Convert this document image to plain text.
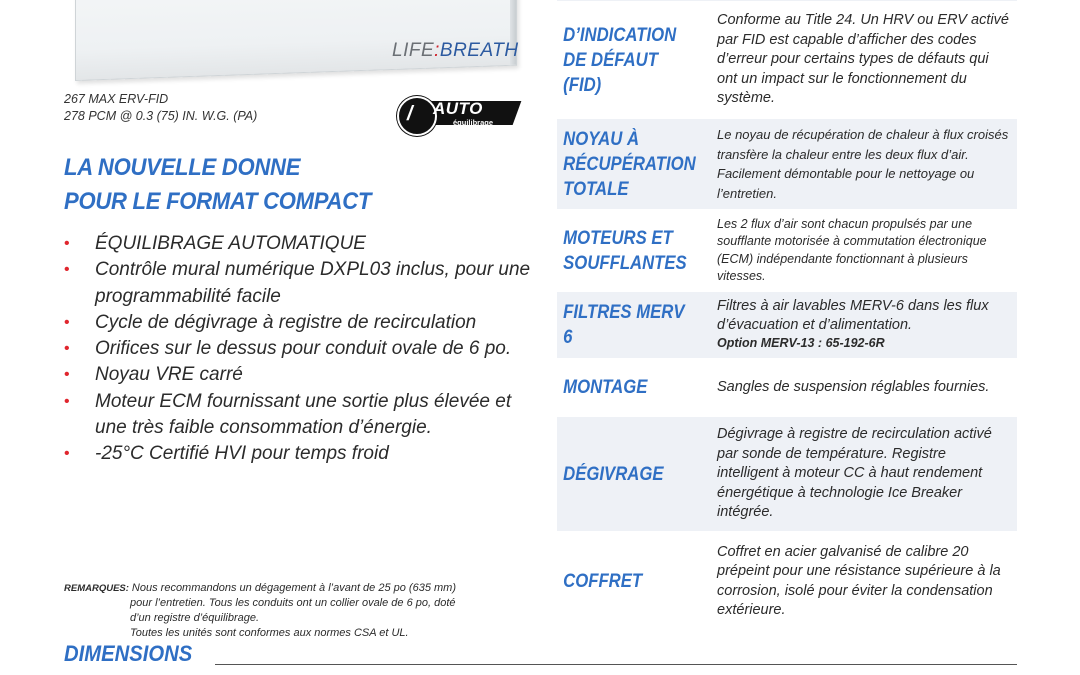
LIFE:BREATH
267 MAX ERV-FID
278 PCM @ 0.3 (75) IN. W.G. (PA)	/ AUTO
équilibrage
LA NOUVELLE DONNE
POUR LE FORMAT COMPACT
• ÉQUILIBRAGE AUTOMATIQUE
• Contrôle mural numérique DXPL03 inclus, pour une programmabilité facile
• Cycle de dégivrage à registre de recirculation
• Orifices sur le dessus pour conduit ovale de 6 po.
• Noyau VRE carré
• Moteur ECM fournissant une sortie plus élevée et une très faible consommation d’énergie.
• -25°C Certifié HVI pour temps froid
REMARQUES: Nous recommandons un dégagement à l’avant de 25 po (635 mm)
pour l’entretien. Tous les conduits ont un collier ovale de 6 po, doté
d’un registre d’équilibrage.
Toutes les unités sont conformes aux normes CSA et UL.
DIMENSIONS
D’INDICATION DE DÉFAUT (FID)
Conforme au Title 24. Un HRV ou ERV activé par FID est capable d’afficher des codes d’erreur pour certains types de défauts qui ont un impact sur le fonctionnement du système.
NOYAU À RÉCUPÉRATION TOTALE
Le noyau de récupération de chaleur à flux croisés transfère la chaleur entre les deux flux d’air. Facilement démontable pour le nettoyage ou l’entretien.
MOTEURS ET SOUFFLANTES
Les 2 flux d’air sont chacun propulsés par une soufflante motorisée à commutation électronique (ECM) indépendante fonctionnant à plusieurs vitesses.
FILTRES MERV 6
Filtres à air lavables MERV-6 dans les flux d’évacuation et d’alimentation.
Option MERV-13 : 65-192-6R
MONTAGE	Sangles de suspension réglables fournies.
DÉGIVRAGE
Dégivrage à registre de recirculation activé par sonde de température. Registre intelligent à moteur CC à haut rendement énergétique à technologie Ice Breaker intégrée.
COFFRET
Coffret en acier galvanisé de calibre 20 prépeint pour une résistance supérieure à la corrosion, isolé pour éviter la condensation extérieure.
